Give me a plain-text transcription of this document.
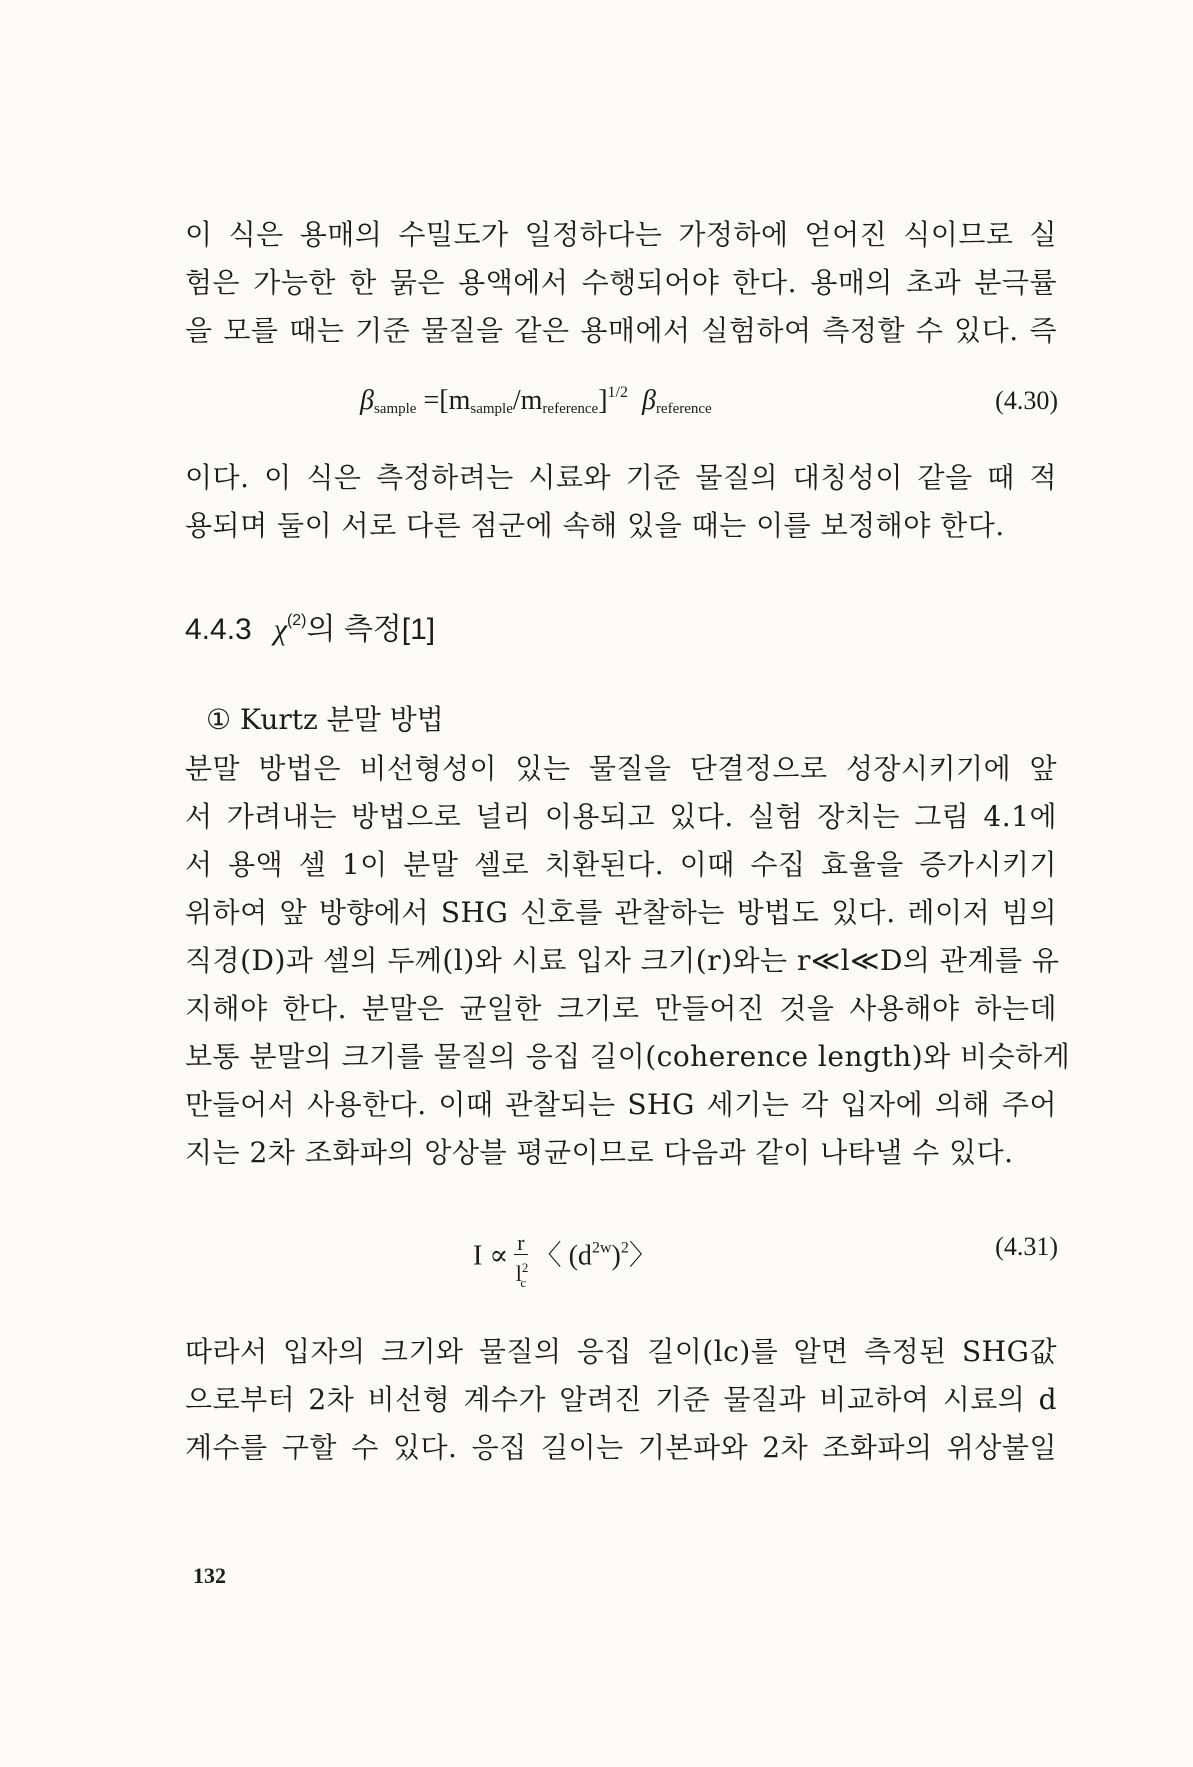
이 식은 용매의 수밀도가 일정하다는 가정하에 얻어진 식이므로 실
험은 가능한 한 묽은 용액에서 수행되어야 한다. 용매의 초과 분극률
을 모를 때는 기준 물질을 같은 용매에서 실험하여 측정할 수 있다. 즉
$\beta_{sample} =[m_{sample}/m_{reference}]^{1/2}$ $\beta_{reference}$	(4.30)
이다. 이 식은 측정하려는 시료와 기준 물질의 대칭성이 같을 때 적
용되며 둘이 서로 다른 점군에 속해 있을 때는 이를 보정해야 한다.
4.4.3 $\chi^{(2)}$의 측정[1]
① Kurtz 분말 방법
분말 방법은 비선형성이 있는 물질을 단결정으로 성장시키기에 앞
서 가려내는 방법으로 널리 이용되고 있다. 실험 장치는 그림 4.1에
서 용액 셀 1이 분말 셀로 치환된다. 이때 수집 효율을 증가시키기
위하여 앞 방향에서 SHG 신호를 관찰하는 방법도 있다. 레이저 빔의
직경(D)과 셀의 두께(l)와 시료 입자 크기(r)와는 r≪l≪D의 관계를 유
지해야 한다. 분말은 균일한 크기로 만들어진 것을 사용해야 하는데
보통 분말의 크기를 물질의 응집 길이(coherence length)와 비슷하게
만들어서 사용한다. 이때 관찰되는 SHG 세기는 각 입자에 의해 주어
지는 2차 조화파의 앙상블 평균이므로 다음과 같이 나타낼 수 있다.
$I \propto \frac{r}{l^2_c}$ 〈 $(d^{2w})^2$〉	(4.31)
따라서 입자의 크기와 물질의 응집 길이(lc)를 알면 측정된 SHG값
으로부터 2차 비선형 계수가 알려진 기준 물질과 비교하여 시료의 d
계수를 구할 수 있다. 응집 길이는 기본파와 2차 조화파의 위상불일
132
